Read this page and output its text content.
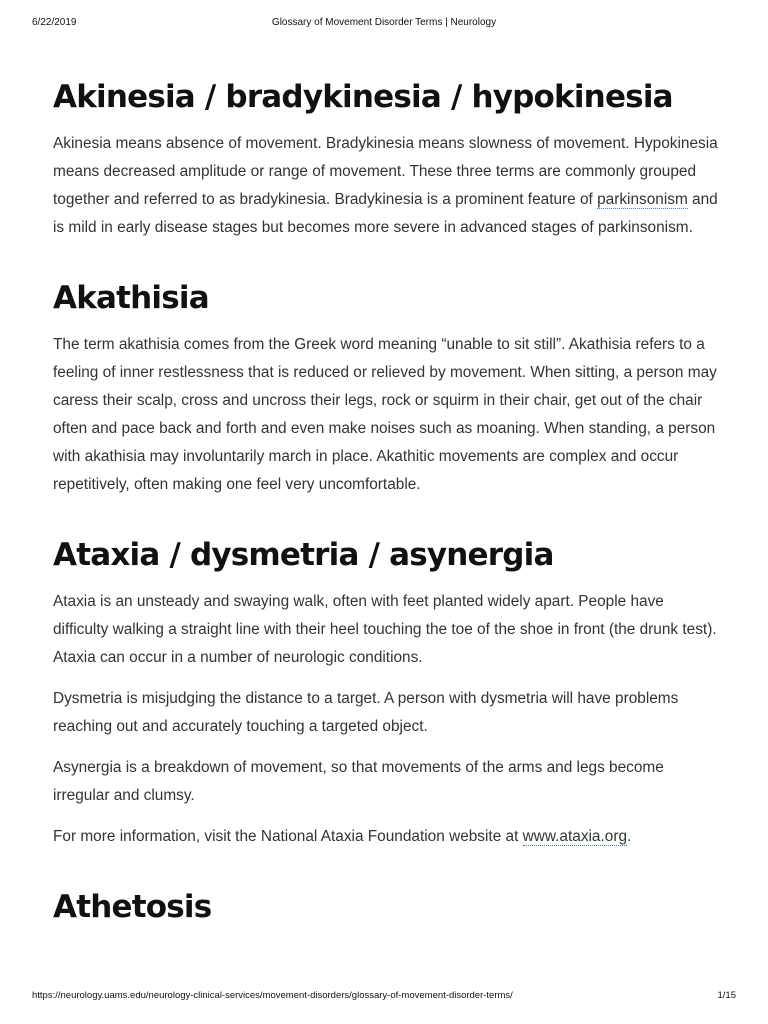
6/22/2019	Glossary of Movement Disorder Terms | Neurology
Akinesia / bradykinesia / hypokinesia

Akinesia means absence of movement. Bradykinesia means slowness of movement. Hypokinesia means decreased amplitude or range of movement. These three terms are commonly grouped together and referred to as bradykinesia. Bradykinesia is a prominent feature of parkinsonism and is mild in early disease stages but becomes more severe in advanced stages of parkinsonism.

Akathisia

The term akathisia comes from the Greek word meaning “unable to sit still”. Akathisia refers to a feeling of inner restlessness that is reduced or relieved by movement. When sitting, a person may caress their scalp, cross and uncross their legs, rock or squirm in their chair, get out of the chair often and pace back and forth and even make noises such as moaning. When standing, a person with akathisia may involuntarily march in place. Akathitic movements are complex and occur repetitively, often making one feel very uncomfortable.

Ataxia / dysmetria / asynergia

Ataxia is an unsteady and swaying walk, often with feet planted widely apart. People have difficulty walking a straight line with their heel touching the toe of the shoe in front (the drunk test). Ataxia can occur in a number of neurologic conditions.

Dysmetria is misjudging the distance to a target. A person with dysmetria will have problems reaching out and accurately touching a targeted object.

Asynergia is a breakdown of movement, so that movements of the arms and legs become irregular and clumsy.

For more information, visit the National Ataxia Foundation website at www.ataxia.org.

Athetosis
https://neurology.uams.edu/neurology-clinical-services/movement-disorders/glossary-of-movement-disorder-terms/	1/15
